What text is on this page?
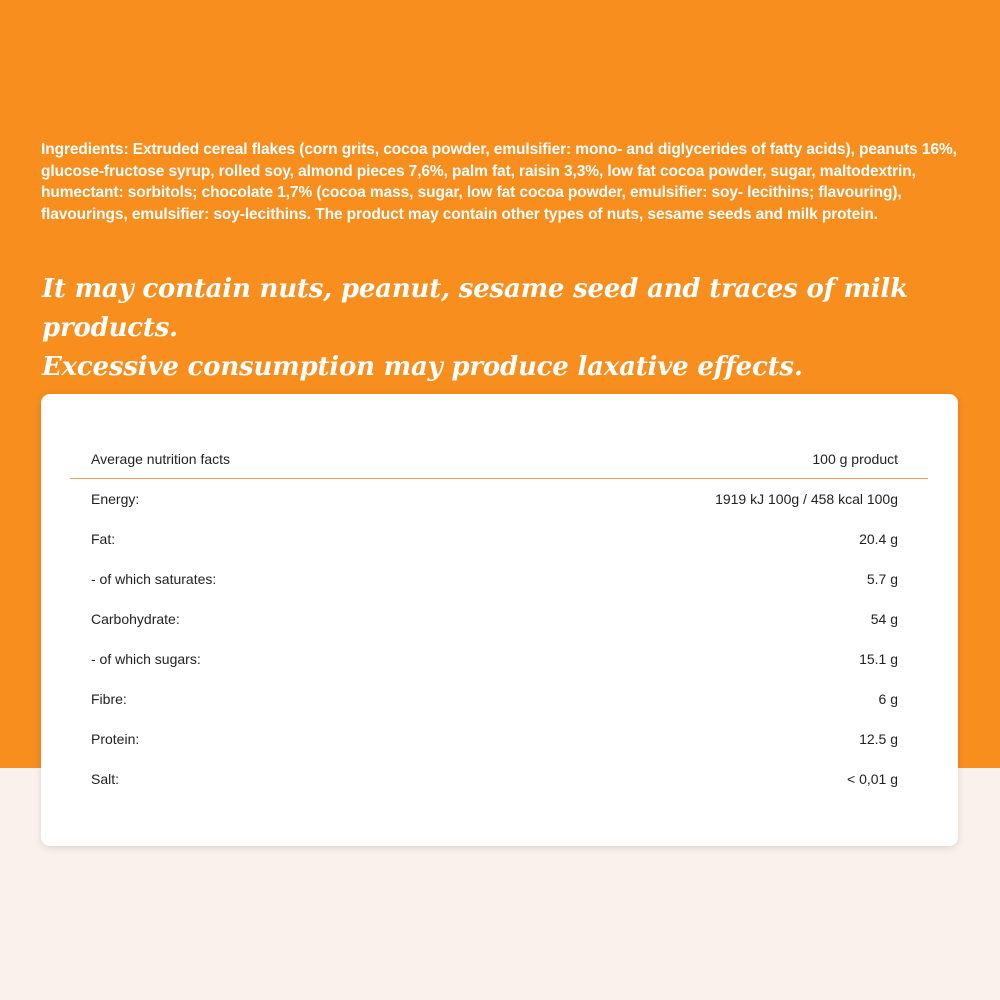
Ingredients: Extruded cereal flakes (corn grits, cocoa powder, emulsifier: mono- and diglycerides of fatty acids), peanuts 16%, glucose-fructose syrup, rolled soy, almond pieces 7,6%, palm fat, raisin 3,3%, low fat cocoa powder, sugar, maltodextrin, humectant: sorbitols; chocolate 1,7% (cocoa mass, sugar, low fat cocoa powder, emulsifier: soy- lecithins; flavouring), flavourings, emulsifier: soy-lecithins. The product may contain other types of nuts, sesame seeds and milk protein.

It may contain nuts, peanut, sesame seed and traces of milk products.
Excessive consumption may produce laxative effects.
Average nutrition facts	100 g product
Energy:	1919 kJ 100g / 458 kcal 100g
Fat:	20.4 g
- of which saturates:	5.7 g
Carbohydrate:	54 g
- of which sugars:	15.1 g
Fibre:	6 g
Protein:	12.5 g
Salt:	< 0,01 g
